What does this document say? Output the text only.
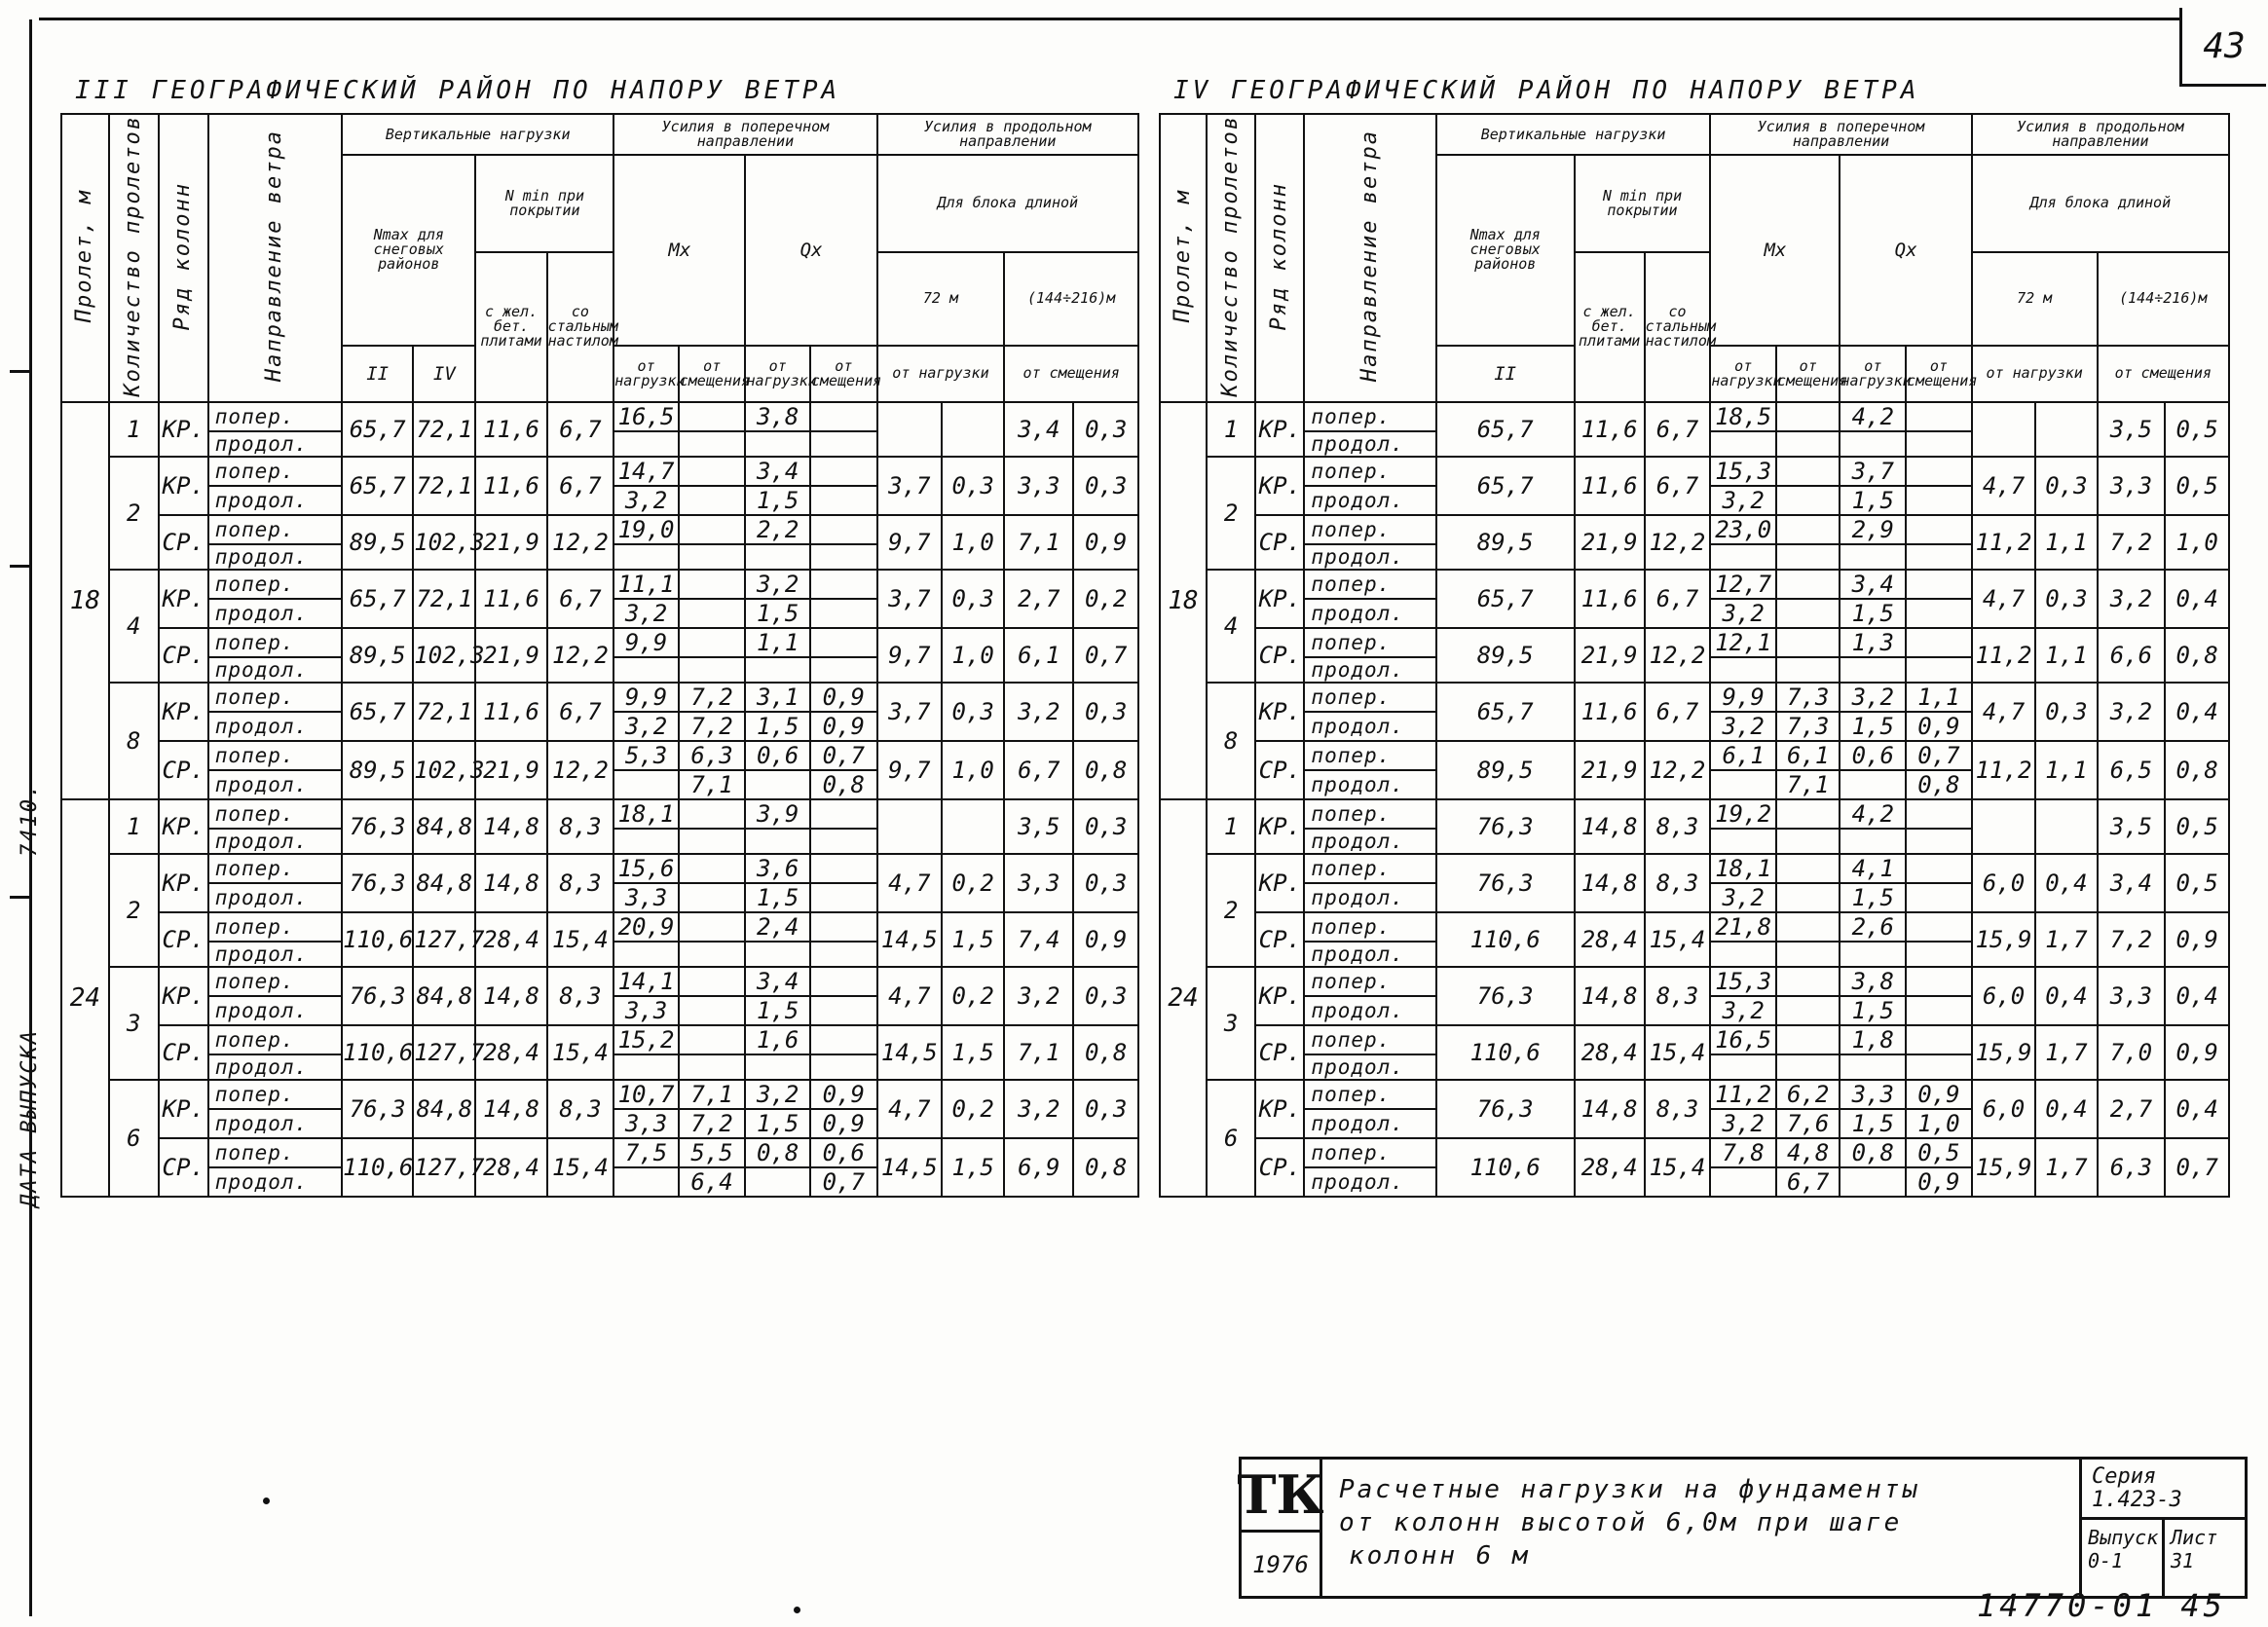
43
7410.
ДАТА ВЫПУСКА
III ГЕОГРАФИЧЕСКИЙ РАЙОН ПО НАПОРУ ВЕТРА															
Пролет, м	Количество пролетов	Ряд колонн	Направление ветра	Вертикальные нагрузки				Усилия в поперечном направлении				Усилия в продольном направлении			
				Nmax для снеговых районов		N min при покрытии		Mx		Qx		Для блока длиной			
						с жел. бет. плитами	со стальным настилом					72 м		(144÷216)м	
				II	IV			от нагрузки	от смещения	от нагрузки	от смещения	от нагрузки		от смещения	
18	1	КР.	попер.	65,7	72,1	11,6	6,7	16,5		3,8				3,4	0,3
			продол.												
	2	КР.	попер.	65,7	72,1	11,6	6,7	14,7		3,4		3,7	0,3	3,3	0,3
			продол.					3,2		1,5					
		СР.	попер.	89,5	102,3	21,9	12,2	19,0		2,2		9,7	1,0	7,1	0,9
			продол.												
	4	КР.	попер.	65,7	72,1	11,6	6,7	11,1		3,2		3,7	0,3	2,7	0,2
			продол.					3,2		1,5					
		СР.	попер.	89,5	102,3	21,9	12,2	9,9		1,1		9,7	1,0	6,1	0,7
			продол.												
	8	КР.	попер.	65,7	72,1	11,6	6,7	9,9	7,2	3,1	0,9	3,7	0,3	3,2	0,3
			продол.					3,2	7,2	1,5	0,9				
		СР.	попер.	89,5	102,3	21,9	12,2	5,3	6,3	0,6	0,7	9,7	1,0	6,7	0,8
			продол.						7,1		0,8				
24	1	КР.	попер.	76,3	84,8	14,8	8,3	18,1		3,9				3,5	0,3
			продол.												
	2	КР.	попер.	76,3	84,8	14,8	8,3	15,6		3,6		4,7	0,2	3,3	0,3
			продол.					3,3		1,5					
		СР.	попер.	110,6	127,7	28,4	15,4	20,9		2,4		14,5	1,5	7,4	0,9
			продол.												
	3	КР.	попер.	76,3	84,8	14,8	8,3	14,1		3,4		4,7	0,2	3,2	0,3
			продол.					3,3		1,5					
		СР.	попер.	110,6	127,7	28,4	15,4	15,2		1,6		14,5	1,5	7,1	0,8
			продол.												
	6	КР.	попер.	76,3	84,8	14,8	8,3	10,7	7,1	3,2	0,9	4,7	0,2	3,2	0,3
			продол.					3,3	7,2	1,5	0,9				
		СР.	попер.	110,6	127,7	28,4	15,4	7,5	5,5	0,8	0,6	14,5	1,5	6,9	0,8
			продол.						6,4		0,7				
IV ГЕОГРАФИЧЕСКИЙ РАЙОН ПО НАПОРУ ВЕТРА														
Пролет, м	Количество пролетов	Ряд колонн	Направление ветра	Вертикальные нагрузки			Усилия в поперечном направлении				Усилия в продольном направлении			
				Nmax для снеговых районов	N min при покрытии		Mx		Qx		Для блока длиной			
					с жел. бет. плитами	со стальным настилом					72 м		(144÷216)м	
				II			от нагрузки	от смещения	от нагрузки	от смещения	от нагрузки		от смещения	
18	1	КР.	попер.	65,7	11,6	6,7	18,5		4,2				3,5	0,5
			продол.											
	2	КР.	попер.	65,7	11,6	6,7	15,3		3,7		4,7	0,3	3,3	0,5
			продол.				3,2		1,5					
		СР.	попер.	89,5	21,9	12,2	23,0		2,9		11,2	1,1	7,2	1,0
			продол.											
	4	КР.	попер.	65,7	11,6	6,7	12,7		3,4		4,7	0,3	3,2	0,4
			продол.				3,2		1,5					
		СР.	попер.	89,5	21,9	12,2	12,1		1,3		11,2	1,1	6,6	0,8
			продол.											
	8	КР.	попер.	65,7	11,6	6,7	9,9	7,3	3,2	1,1	4,7	0,3	3,2	0,4
			продол.				3,2	7,3	1,5	0,9				
		СР.	попер.	89,5	21,9	12,2	6,1	6,1	0,6	0,7	11,2	1,1	6,5	0,8
			продол.					7,1		0,8				
24	1	КР.	попер.	76,3	14,8	8,3	19,2		4,2				3,5	0,5
			продол.											
	2	КР.	попер.	76,3	14,8	8,3	18,1		4,1		6,0	0,4	3,4	0,5
			продол.				3,2		1,5					
		СР.	попер.	110,6	28,4	15,4	21,8		2,6		15,9	1,7	7,2	0,9
			продол.											
	3	КР.	попер.	76,3	14,8	8,3	15,3		3,8		6,0	0,4	3,3	0,4
			продол.				3,2		1,5					
		СР.	попер.	110,6	28,4	15,4	16,5		1,8		15,9	1,7	7,0	0,9
			продол.											
	6	КР.	попер.	76,3	14,8	8,3	11,2	6,2	3,3	0,9	6,0	0,4	2,7	0,4
			продол.				3,2	7,6	1,5	1,0				
		СР.	попер.	110,6	28,4	15,4	7,8	4,8	0,8	0,5	15,9	1,7	6,3	0,7
			продол.					6,7		0,9				
ТК
1976
Расчетные нагрузки на фундаменты
от колонн высотой 6,0м при шаге
колонн 6 м
Серия
1.423-3
Выпуск
0-1
Лист
31
14770-01 45
